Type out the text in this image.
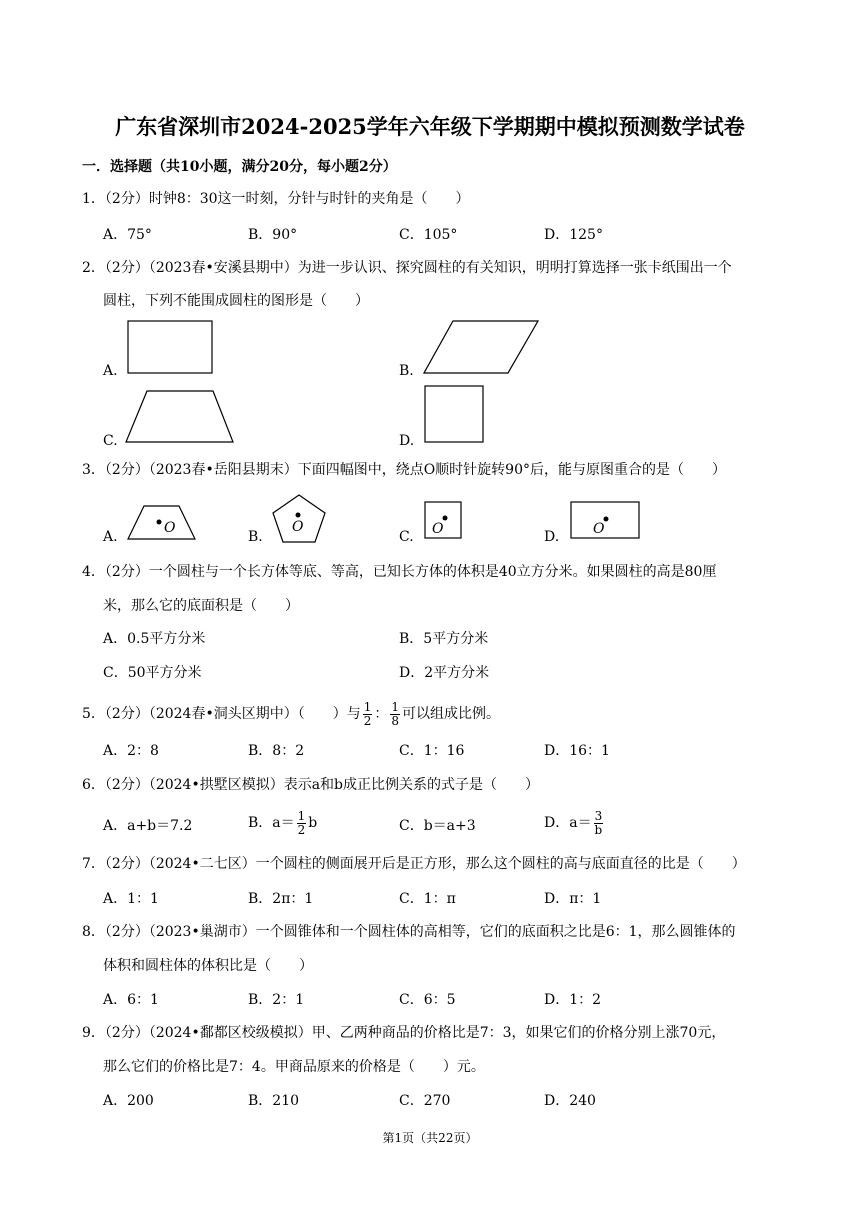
广东省深圳市2024-2025学年六年级下学期期中模拟预测数学试卷
一．选择题（共10小题，满分20分，每小题2分）
1．（2分）时钟8：30这一时刻，分针与时针的夹角是（　　）
A．75°	B．90°	C．105°	D．125°
2．（2分）（2023春•安溪县期中）为进一步认识、探究圆柱的有关知识，明明打算选择一张卡纸围出一个
圆柱，下列不能围成圆柱的图形是（　　）
A.	B.
C.	D.
3．（2分）（2023春•岳阳县期末）下面四幅图中，绕点O顺时针旋转90°后，能与原图重合的是（　　）
A.
O
B.
O
C. O	D. O
4．（2分）一个圆柱与一个长方体等底、等高，已知长方体的体积是40立方分米。如果圆柱的高是80厘
米，那么它的底面积是（　　）
A．0.5平方分米	B．5平方分米
C．50平方分米	D．2平方分米
5．（2分）（2024春•洞头区期中）（　　）与 $\frac{1}{2}$ ： $\frac{1}{8}$ 可以组成比例。
A．2：8	B．8：2	C．1：16	D．16：1
6．（2分）（2024•拱墅区模拟）表示a和b成正比例关系的式子是（　　）
A．a+b＝7.2	B．$a= \frac{1}{2}$ b	C．b＝a+3	D．$a= \frac{3}{b}$
7．（2分）（2024•二七区）一个圆柱的侧面展开后是正方形，那么这个圆柱的高与底面直径的比是（　　）
A．1：1	B．2π：1	C．1：π	D．π：1
8．（2分）（2023•巢湖市）一个圆锥体和一个圆柱体的高相等，它们的底面积之比是6：1，那么圆锥体的
体积和圆柱体的体积比是（　　）
A．6：1	B．2：1	C．6：5	D．1：2
9．（2分）（2024•鄱都区校级模拟）甲、乙两种商品的价格比是7：3，如果它们的价格分别上涨70元，
那么它们的价格比是7：4。甲商品原来的价格是（　　）元。
A．200	B．210	C．270	D．240
第1页（共22页）
